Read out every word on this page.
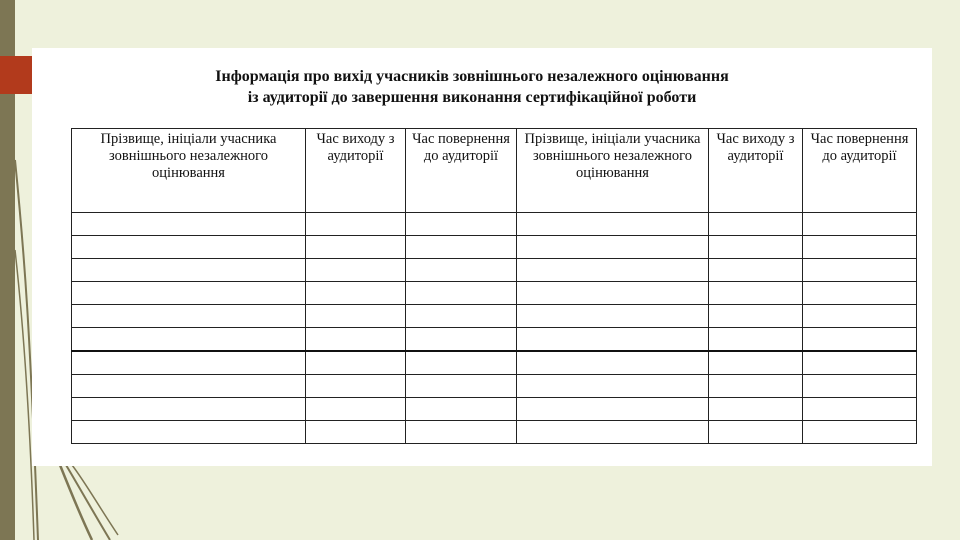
Інформація про вихід учасників зовнішнього незалежного оцінювання
із аудиторії до завершення виконання сертифікаційної роботи
Прізвище, ініціали учасника зовнішнього незалежного оцінювання	Час виходу з аудиторії	Час повернення до аудиторії	Прізвище, ініціали учасника зовнішнього незалежного оцінювання	Час виходу з аудиторії	Час повернення до аудиторії
